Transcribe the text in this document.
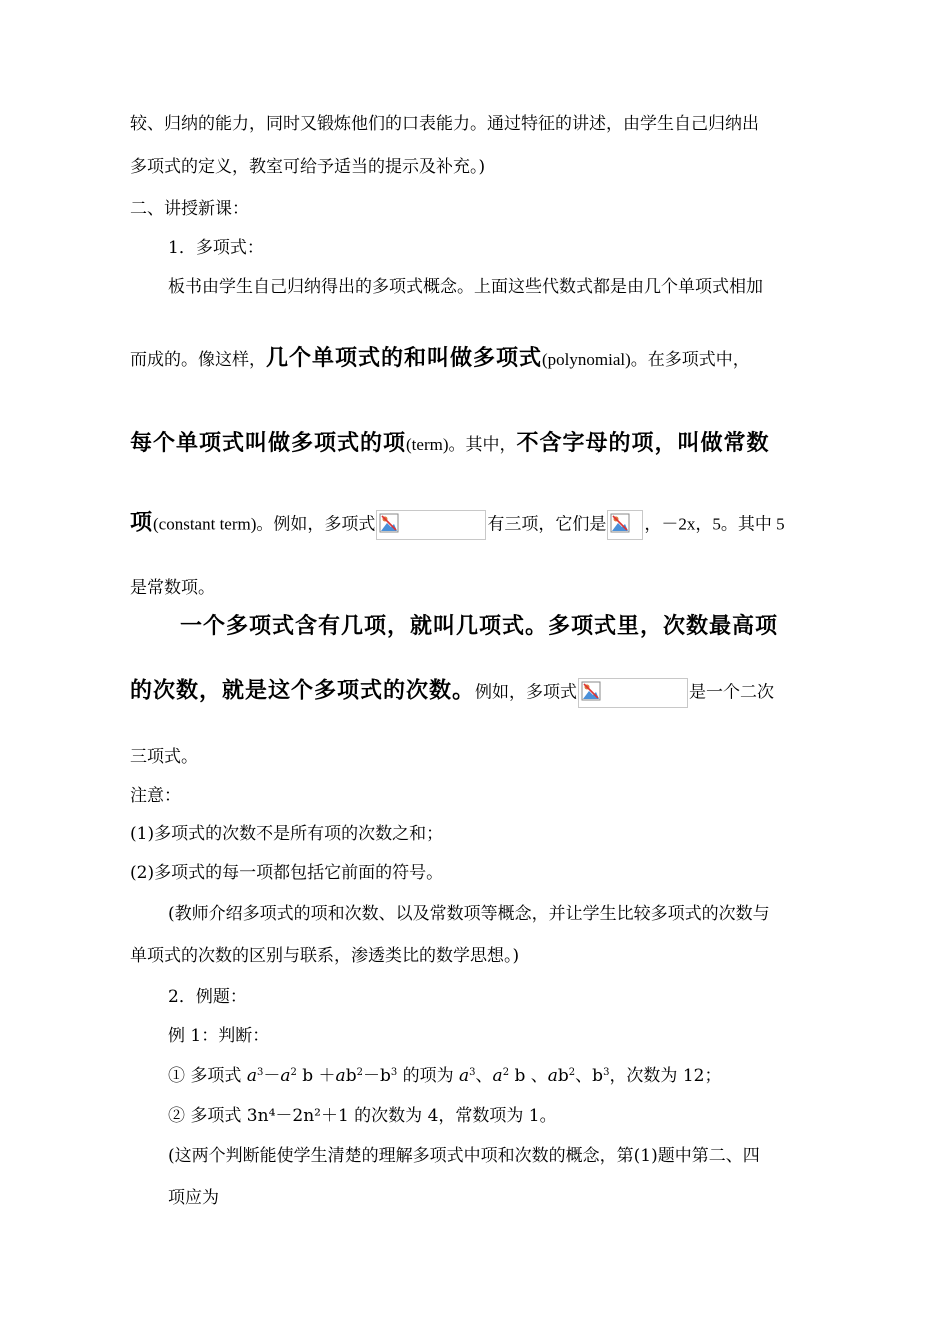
较、归纳的能力，同时又锻炼他们的口表能力。通过特征的讲述，由学生自己归纳出
多项式的定义，教室可给予适当的提示及补充。)
二、讲授新课：
1．多项式：
板书由学生自己归纳得出的多项式概念。上面这些代数式都是由几个单项式相加
而成的。像这样，几个单项式的和叫做多项式(polynomial)。在多项式中，
每个单项式叫做多项式的项(term)。其中，不含字母的项，叫做常数
项(constant term)。例如，多项式	有三项，它们是 ，－2x，5。其中 5
是常数项。
一个多项式含有几项，就叫几项式。多项式里，次数最高项
的次数，就是这个多项式的次数。例如，多项式	是一个二次
三项式。
注意：
(1)多项式的次数不是所有项的次数之和；
(2)多项式的每一项都包括它前面的符号。
(教师介绍多项式的项和次数、以及常数项等概念，并让学生比较多项式的次数与
单项式的次数的区别与联系，渗透类比的数学思想。)
2．例题：
例 1：判断：
① 多项式 $a^3-a^2$ $b +ab^2-b^3$ 的项为 $a^3$、$a^2$ b 、$ab^2$、$b^3$，次数为 12；
② 多项式 3n⁴－2n²＋1 的次数为 4，常数项为 1。
(这两个判断能使学生清楚的理解多项式中项和次数的概念，第(1)题中第二、四
项应为
